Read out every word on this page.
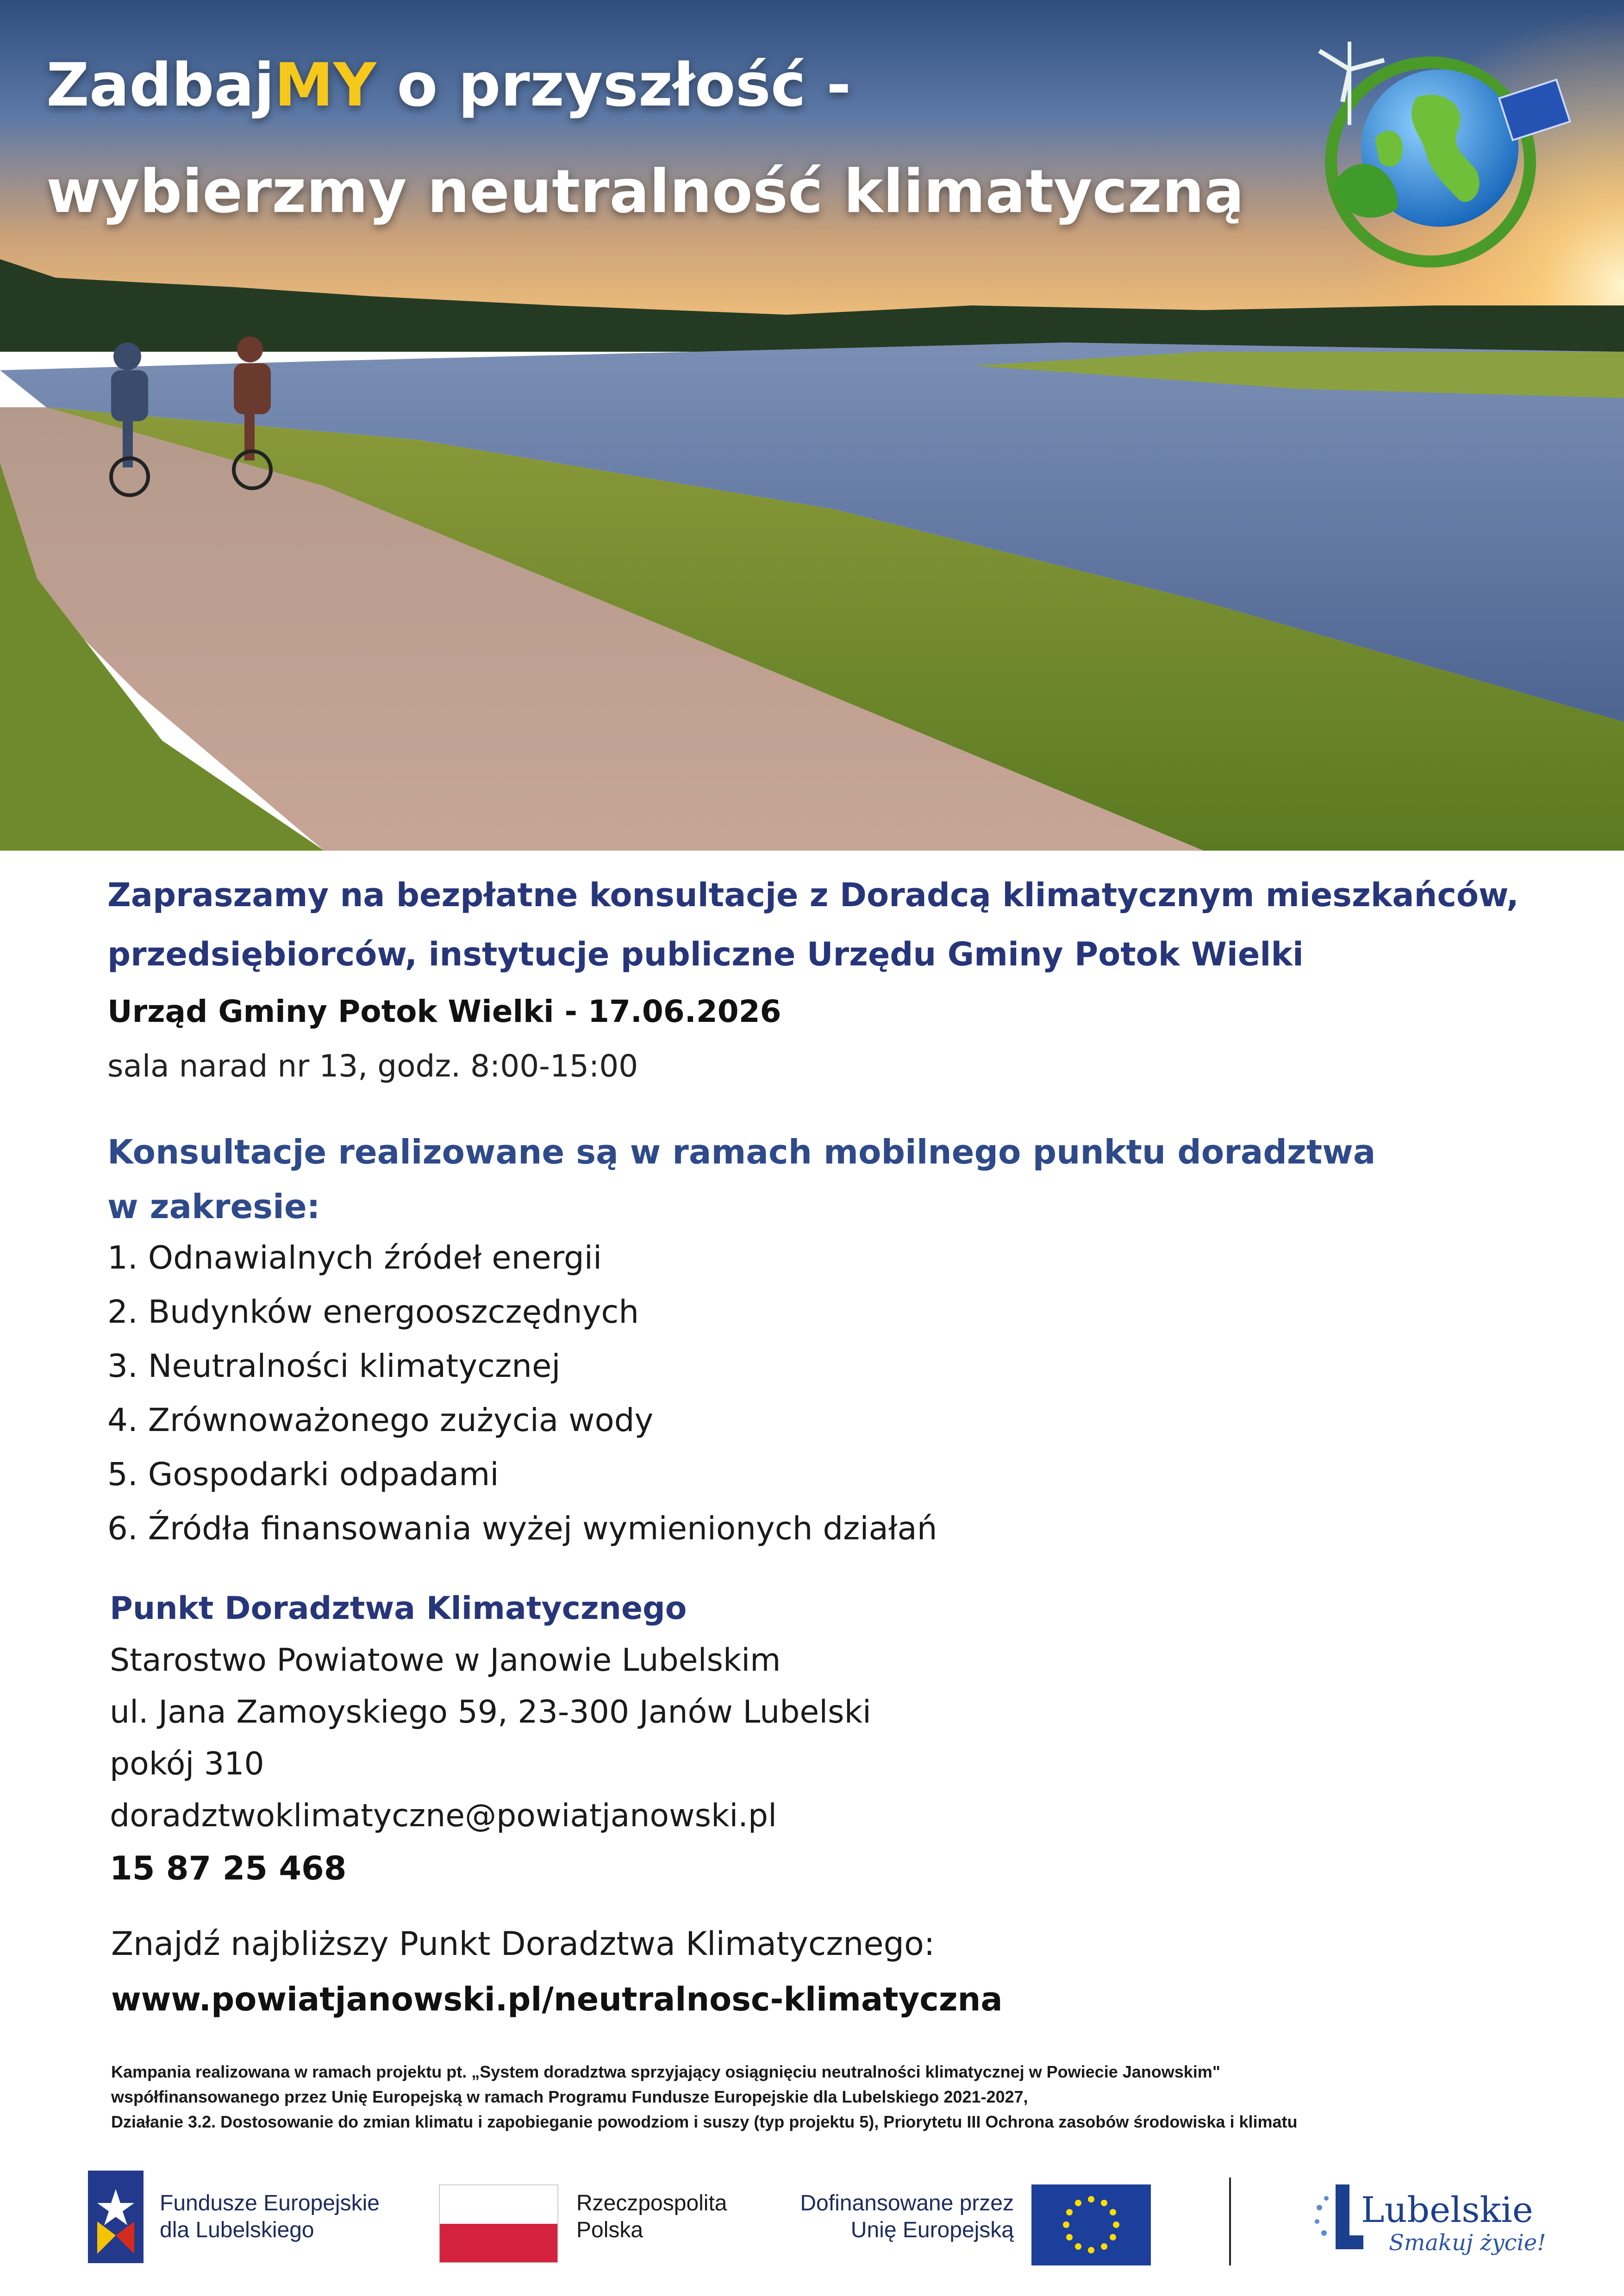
ZadbajMY o przyszłość -
wybierzmy neutralność klimatyczną

Zapraszamy na bezpłatne konsultacje z Doradcą klimatycznym mieszkańców,

przedsiębiorców, instytucje publiczne Urzędu Gminy Potok Wielki

Urząd Gminy Potok Wielki - 17.06.2026

sala narad nr 13, godz. 8:00-15:00

Konsultacje realizowane są w ramach mobilnego punktu doradztwa
w zakresie:
1. Odnawialnych źródeł energii
2. Budynków energooszczędnych
3. Neutralności klimatycznej
4. Zrównoważonego zużycia wody
5. Gospodarki odpadami
6. Źródła finansowania wyżej wymienionych działań
Punkt Doradztwa Klimatycznego
Starostwo Powiatowe w Janowie Lubelskim
ul. Jana Zamoyskiego 59, 23-300 Janów Lubelski
pokój 310
doradztwoklimatyczne@powiatjanowski.pl
15 87 25 468
Znajdź najbliższy Punkt Doradztwa Klimatycznego:
www.powiatjanowski.pl/neutralnosc-klimatyczna
Kampania realizowana w ramach projektu pt. „System doradztwa sprzyjający osiągnięciu neutralności klimatycznej w Powiecie Janowskim"
współfinansowanego przez Unię Europejską w ramach Programu Fundusze Europejskie dla Lubelskiego 2021-2027,
Działanie 3.2. Dostosowanie do zmian klimatu i zapobieganie powodziom i suszy (typ projektu 5), Priorytetu III Ochrona zasobów środowiska i klimatu
Fundusze Europejskie
dla Lubelskiego
Rzeczpospolita
Polska
Dofinansowane przez
Unię Europejską	Lubelskie
Smakuj życie!
